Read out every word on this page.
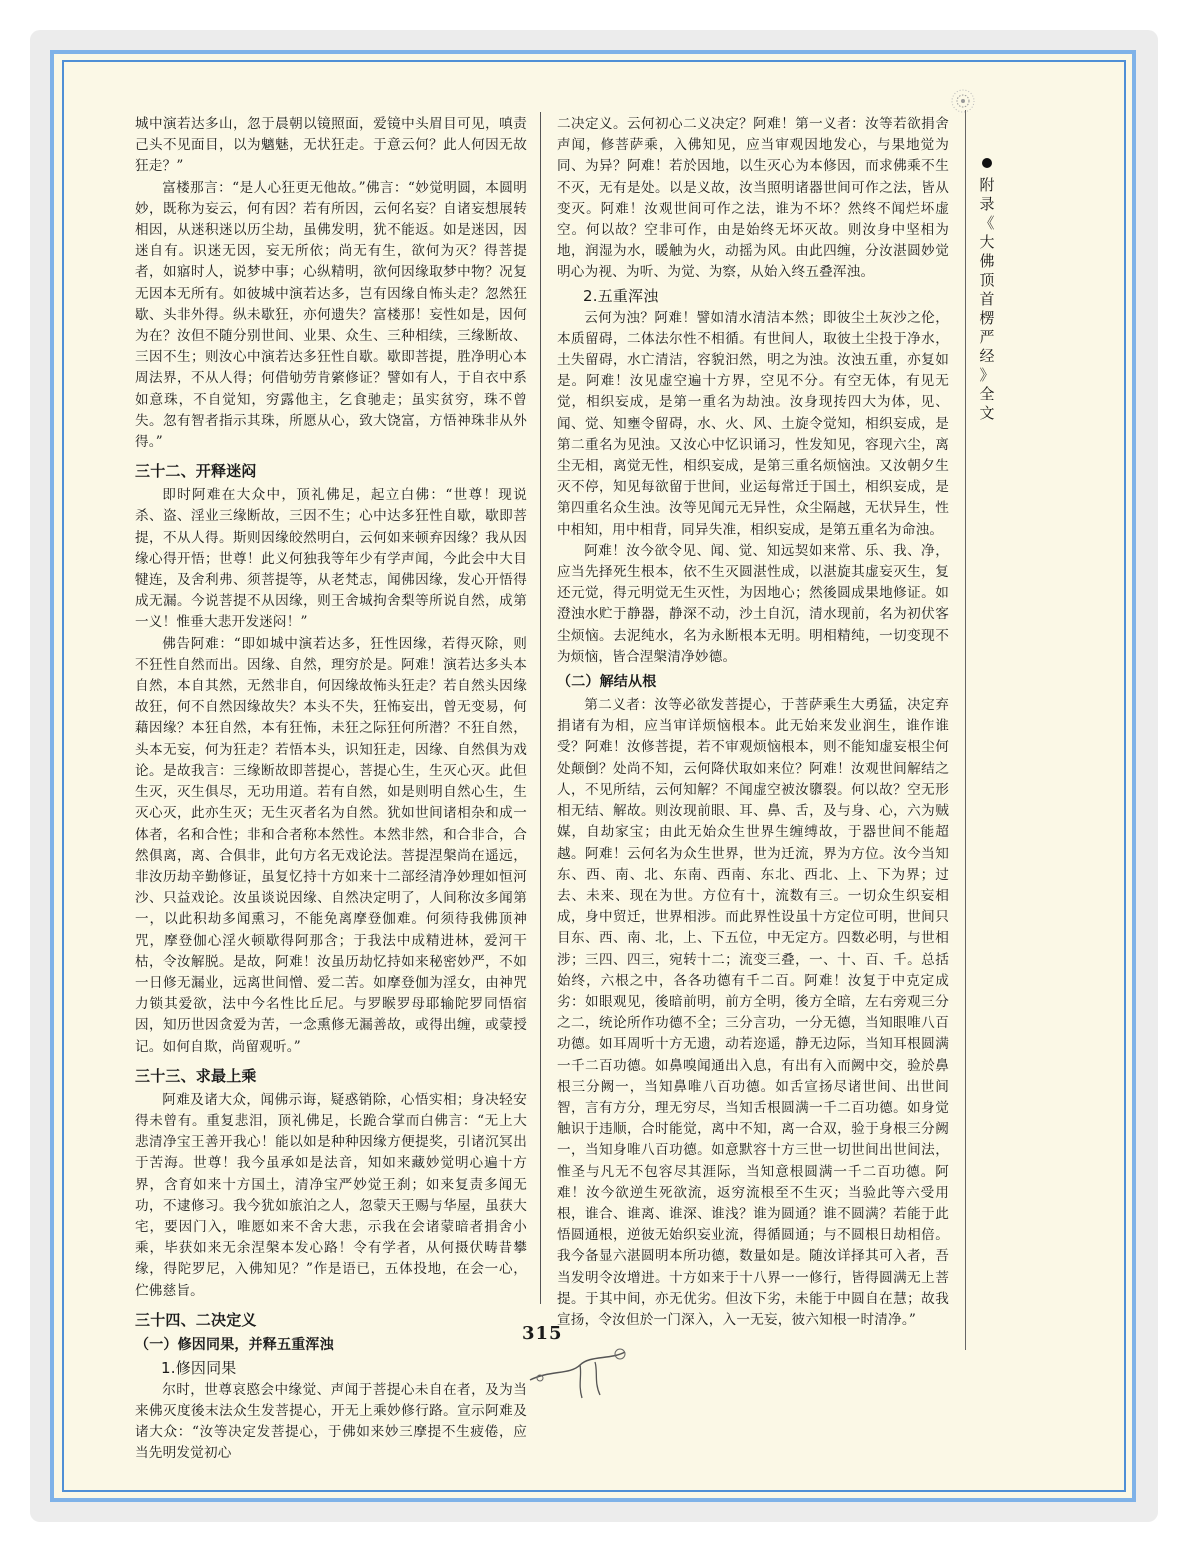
城中演若达多山，忽于晨朝以镜照面，爱镜中头眉目可见，嗔责己头不见面目，以为魑魅，无状狂走。于意云何？此人何因无故狂走？”

富楼那言：“是人心狂更无他故。”佛言：“妙觉明圆，本圆明妙，既称为妄云，何有因？若有所因，云何名妄？自诸妄想展转相因，从迷积迷以历尘劫，虽佛发明，犹不能返。如是迷因，因迷自有。识迷无因，妄无所依；尚无有生，欲何为灭？得菩提者，如寤时人，说梦中事；心纵精明，欲何因缘取梦中物？况复无因本无所有。如彼城中演若达多，岂有因缘自怖头走？忽然狂歇、头非外得。纵未歇狂，亦何遗失？富楼那！妄性如是，因何为在？汝但不随分别世间、业果、众生、三种相续，三缘断故、三因不生；则汝心中演若达多狂性自歇。歇即菩提，胜净明心本周法界，不从人得；何借劬劳肯綮修证？譬如有人，于自衣中系如意珠，不自觉知，穷露他主，乞食驰走；虽实贫穷，珠不曾失。忽有智者指示其珠，所愿从心，致大饶富，方悟神珠非从外得。”

三十二、开释迷闷

即时阿难在大众中，顶礼佛足，起立白佛：“世尊！现说杀、盗、淫业三缘断故，三因不生；心中达多狂性自歇，歇即菩提，不从人得。斯则因缘皎然明白，云何如来顿弃因缘？我从因缘心得开悟；世尊！此义何独我等年少有学声闻，今此会中大目犍连，及舍利弗、须菩提等，从老梵志，闻佛因缘，发心开悟得成无漏。今说菩提不从因缘，则王舍城拘舍梨等所说自然，成第一义！惟垂大悲开发迷闷！”

佛告阿难：“即如城中演若达多，狂性因缘，若得灭除，则不狂性自然而出。因缘、自然，理穷於是。阿难！演若达多头本自然，本自其然，无然非自，何因缘故怖头狂走？若自然头因缘故狂，何不自然因缘故失？本头不失，狂怖妄出，曾无变易，何藉因缘？本狂自然，本有狂怖，未狂之际狂何所潜？不狂自然，头本无妄，何为狂走？若悟本头，识知狂走，因缘、自然俱为戏论。是故我言：三缘断故即菩提心，菩提心生，生灭心灭。此但生灭，灭生俱尽，无功用道。若有自然，如是则明自然心生，生灭心灭，此亦生灭；无生灭者名为自然。犹如世间诸相杂和成一体者，名和合性；非和合者称本然性。本然非然，和合非合，合然俱离，离、合俱非，此句方名无戏论法。菩提涅槃尚在遥远，非汝历劫辛勤修证，虽复忆持十方如来十二部经清净妙理如恒河沙、只益戏论。汝虽谈说因缘、自然决定明了，人间称汝多闻第一，以此积劫多闻熏习，不能免离摩登伽难。何须待我佛顶神咒，摩登伽心淫火顿歇得阿那含；于我法中成精进林，爱河干枯，令汝解脱。是故，阿难！汝虽历劫忆持如来秘密妙严，不如一日修无漏业，远离世间憎、爱二苦。如摩登伽为淫女，由神咒力锁其爱欲，法中今名性比丘尼。与罗睺罗母耶输陀罗同悟宿因，知历世因贪爱为苦，一念熏修无漏善故，或得出缠，或蒙授记。如何自欺，尚留观听。”

三十三、求最上乘

阿难及诸大众，闻佛示诲，疑惑销除，心悟实相；身决轻安得未曾有。重复悲泪，顶礼佛足，长跪合掌而白佛言：“无上大悲清净宝王善开我心！能以如是种种因缘方便提奖，引诸沉冥出于苦海。世尊！我今虽承如是法音，知如来藏妙觉明心遍十方界，含育如来十方国土，清净宝严妙觉王刹；如来复责多闻无功，不逮修习。我今犹如旅泊之人，忽蒙天王赐与华屋，虽获大宅，要因门入，唯愿如来不舍大悲，示我在会诸蒙暗者捐舍小乘，毕获如来无余涅槃本发心路！令有学者，从何摄伏畴昔攀缘，得陀罗尼，入佛知见？”作是语已，五体投地，在会一心，伫佛慈旨。

三十四、二决定义
（一）修因同果，并释五重浑浊
1.修因同果

尔时，世尊哀愍会中缘觉、声闻于菩提心未自在者，及为当来佛灭度後末法众生发菩提心，开无上乘妙修行路。宣示阿难及诸大众：“汝等决定发菩提心，于佛如来妙三摩提不生疲倦，应当先明发觉初心

二决定义。云何初心二义决定？阿难！第一义者：汝等若欲捐舍声闻，修菩萨乘，入佛知见，应当审观因地发心，与果地觉为同、为异？阿难！若於因地，以生灭心为本修因，而求佛乘不生不灭，无有是处。以是义故，汝当照明诸器世间可作之法，皆从变灭。阿难！汝观世间可作之法，谁为不坏？然终不闻烂坏虚空。何以故？空非可作，由是始终无坏灭故。则汝身中坚相为地，润湿为水，暖触为火，动摇为风。由此四缠，分汝湛圆妙觉明心为视、为听、为觉、为察，从始入终五叠浑浊。

2.五重浑浊

云何为浊？阿难！譬如清水清洁本然；即彼尘土灰沙之伦，本质留碍，二体法尔性不相循。有世间人，取彼土尘投于净水，土失留碍，水亡清洁，容貌汩然，明之为浊。汝浊五重，亦复如是。阿难！汝见虚空遍十方界，空见不分。有空无体，有见无觉，相织妄成，是第一重名为劫浊。汝身现抟四大为体，见、闻、觉、知壅令留碍，水、火、风、土旋令觉知，相织妄成，是第二重名为见浊。又汝心中忆识诵习，性发知见，容现六尘，离尘无相，离觉无性，相织妄成，是第三重名烦恼浊。又汝朝夕生灭不停，知见每欲留于世间，业运每常迁于国土，相织妄成，是第四重名众生浊。汝等见闻元无异性，众尘隔越，无状异生，性中相知，用中相背，同异失准，相织妄成，是第五重名为命浊。

阿难！汝今欲令见、闻、觉、知远契如来常、乐、我、净，应当先择死生根本，依不生灭圆湛性成，以湛旋其虚妄灭生，复还元觉，得元明觉无生灭性，为因地心；然後圆成果地修证。如澄浊水贮于静器，静深不动，沙土自沉，清水现前，名为初伏客尘烦恼。去泥纯水，名为永断根本无明。明相精纯，一切变现不为烦恼，皆合涅槃清净妙德。

（二）解结从根

第二义者：汝等必欲发菩提心，于菩萨乘生大勇猛，决定弃捐诸有为相，应当审详烦恼根本。此无始来发业润生，谁作谁受？阿难！汝修菩提，若不审观烦恼根本，则不能知虚妄根尘何处颠倒？处尚不知，云何降伏取如来位？阿难！汝观世间解结之人，不见所结，云何知解？不闻虚空被汝隳裂。何以故？空无形相无结、解故。则汝现前眼、耳、鼻、舌，及与身、心，六为贼媒，自劫家宝；由此无始众生世界生缠缚故，于器世间不能超越。阿难！云何名为众生世界，世为迁流，界为方位。汝今当知东、西、南、北、东南、西南、东北、西北、上、下为界；过去、未来、现在为世。方位有十，流数有三。一切众生织妄相成，身中贸迁，世界相涉。而此界性设虽十方定位可明，世间只目东、西、南、北，上、下五位，中无定方。四数必明，与世相涉；三四、四三，宛转十二；流变三叠，一、十、百、千。总括始终，六根之中，各各功德有千二百。阿难！汝复于中克定成劣：如眼观见，後暗前明，前方全明，後方全暗，左右旁观三分之二，统论所作功德不全；三分言功，一分无德，当知眼唯八百功德。如耳周听十方无遗，动若迩遥，静无边际，当知耳根圆满一千二百功德。如鼻嗅闻通出入息，有出有入而阙中交，验於鼻根三分阙一，当知鼻唯八百功德。如舌宣扬尽诸世间、出世间智，言有方分，理无穷尽，当知舌根圆满一千二百功德。如身觉触识于违顺，合时能觉，离中不知，离一合双，验于身根三分阙一，当知身唯八百功德。如意默容十方三世一切世间出世间法，惟圣与凡无不包容尽其涯际，当知意根圆满一千二百功德。阿难！汝今欲逆生死欲流，返穷流根至不生灭；当验此等六受用根，谁合、谁离、谁深、谁浅？谁为圆通？谁不圆满？若能于此悟圆通根，逆彼无始织妄业流，得循圆通；与不圆根日劫相倍。我今备显六湛圆明本所功德，数量如是。随汝详择其可入者，吾当发明令汝增进。十方如来于十八界一一修行，皆得圆满无上菩提。于其中间，亦无优劣。但汝下劣，未能于中圆自在慧；故我宣扬，令汝但於一门深入，入一无妄，彼六知根一时清净。”

附
录
《
大
佛
顶
首
楞
严
经
》
全
文
315
